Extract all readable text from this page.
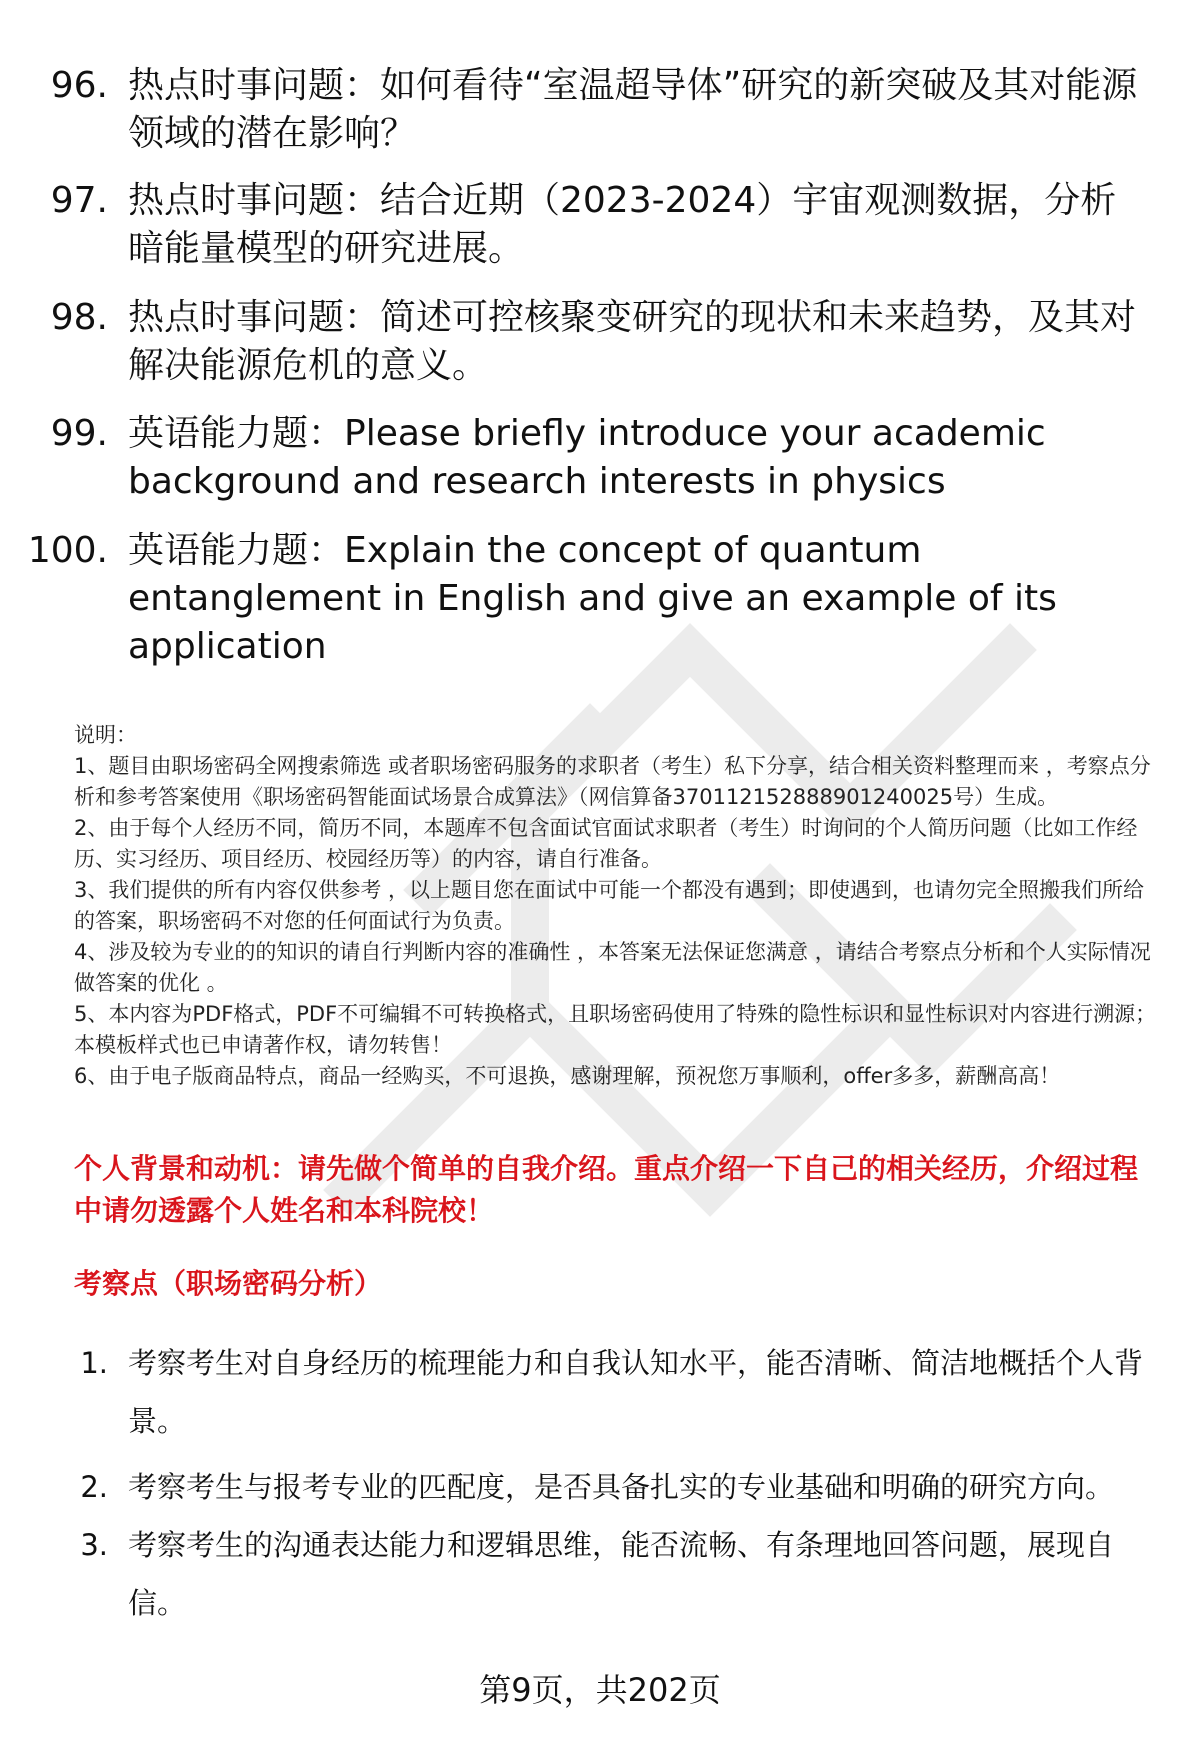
96. 热点时事问题：如何看待“室温超导体”研究的新突破及其对能源领域的潜在影响？
97. 热点时事问题：结合近期（2023-2024）宇宙观测数据，分析暗能量模型的研究进展。
98. 热点时事问题：简述可控核聚变研究的现状和未来趋势，及其对解决能源危机的意义。
99. 英语能力题：Please briefly introduce your academic background and research interests in physics
100. 英语能力题：Explain the concept of quantum entanglement in English and give an example of its application
说明：
1、题目由职场密码全网搜索筛选 或者职场密码服务的求职者（考生）私下分享，结合相关资料整理而来 ，考察点分析和参考答案使用《职场密码智能面试场景合成算法》（网信算备370112152888901240025号）生成。
2、由于每个人经历不同，简历不同，本题库不包含面试官面试求职者（考生）时询问的个人简历问题（比如工作经历、实习经历、项目经历、校园经历等）的内容，请自行准备。
3、我们提供的所有内容仅供参考 ，以上题目您在面试中可能一个都没有遇到；即使遇到，也请勿完全照搬我们所给的答案，职场密码不对您的任何面试行为负责。
4、涉及较为专业的的知识的请自行判断内容的准确性 ，本答案无法保证您满意 ，请结合考察点分析和个人实际情况做答案的优化 。
5、本内容为PDF格式，PDF不可编辑不可转换格式，且职场密码使用了特殊的隐性标识和显性标识对内容进行溯源；本模板样式也已申请著作权，请勿转售！
6、由于电子版商品特点，商品一经购买，不可退换，感谢理解，预祝您万事顺利，offer多多，薪酬高高！
个人背景和动机：请先做个简单的自我介绍。重点介绍一下自己的相关经历，介绍过程中请勿透露个人姓名和本科院校！
考察点（职场密码分析）
1. 考察考生对自身经历的梳理能力和自我认知水平，能否清晰、简洁地概括个人背景。
2. 考察考生与报考专业的匹配度，是否具备扎实的专业基础和明确的研究方向。
3. 考察考生的沟通表达能力和逻辑思维，能否流畅、有条理地回答问题，展现自信。
第9页，共202页
